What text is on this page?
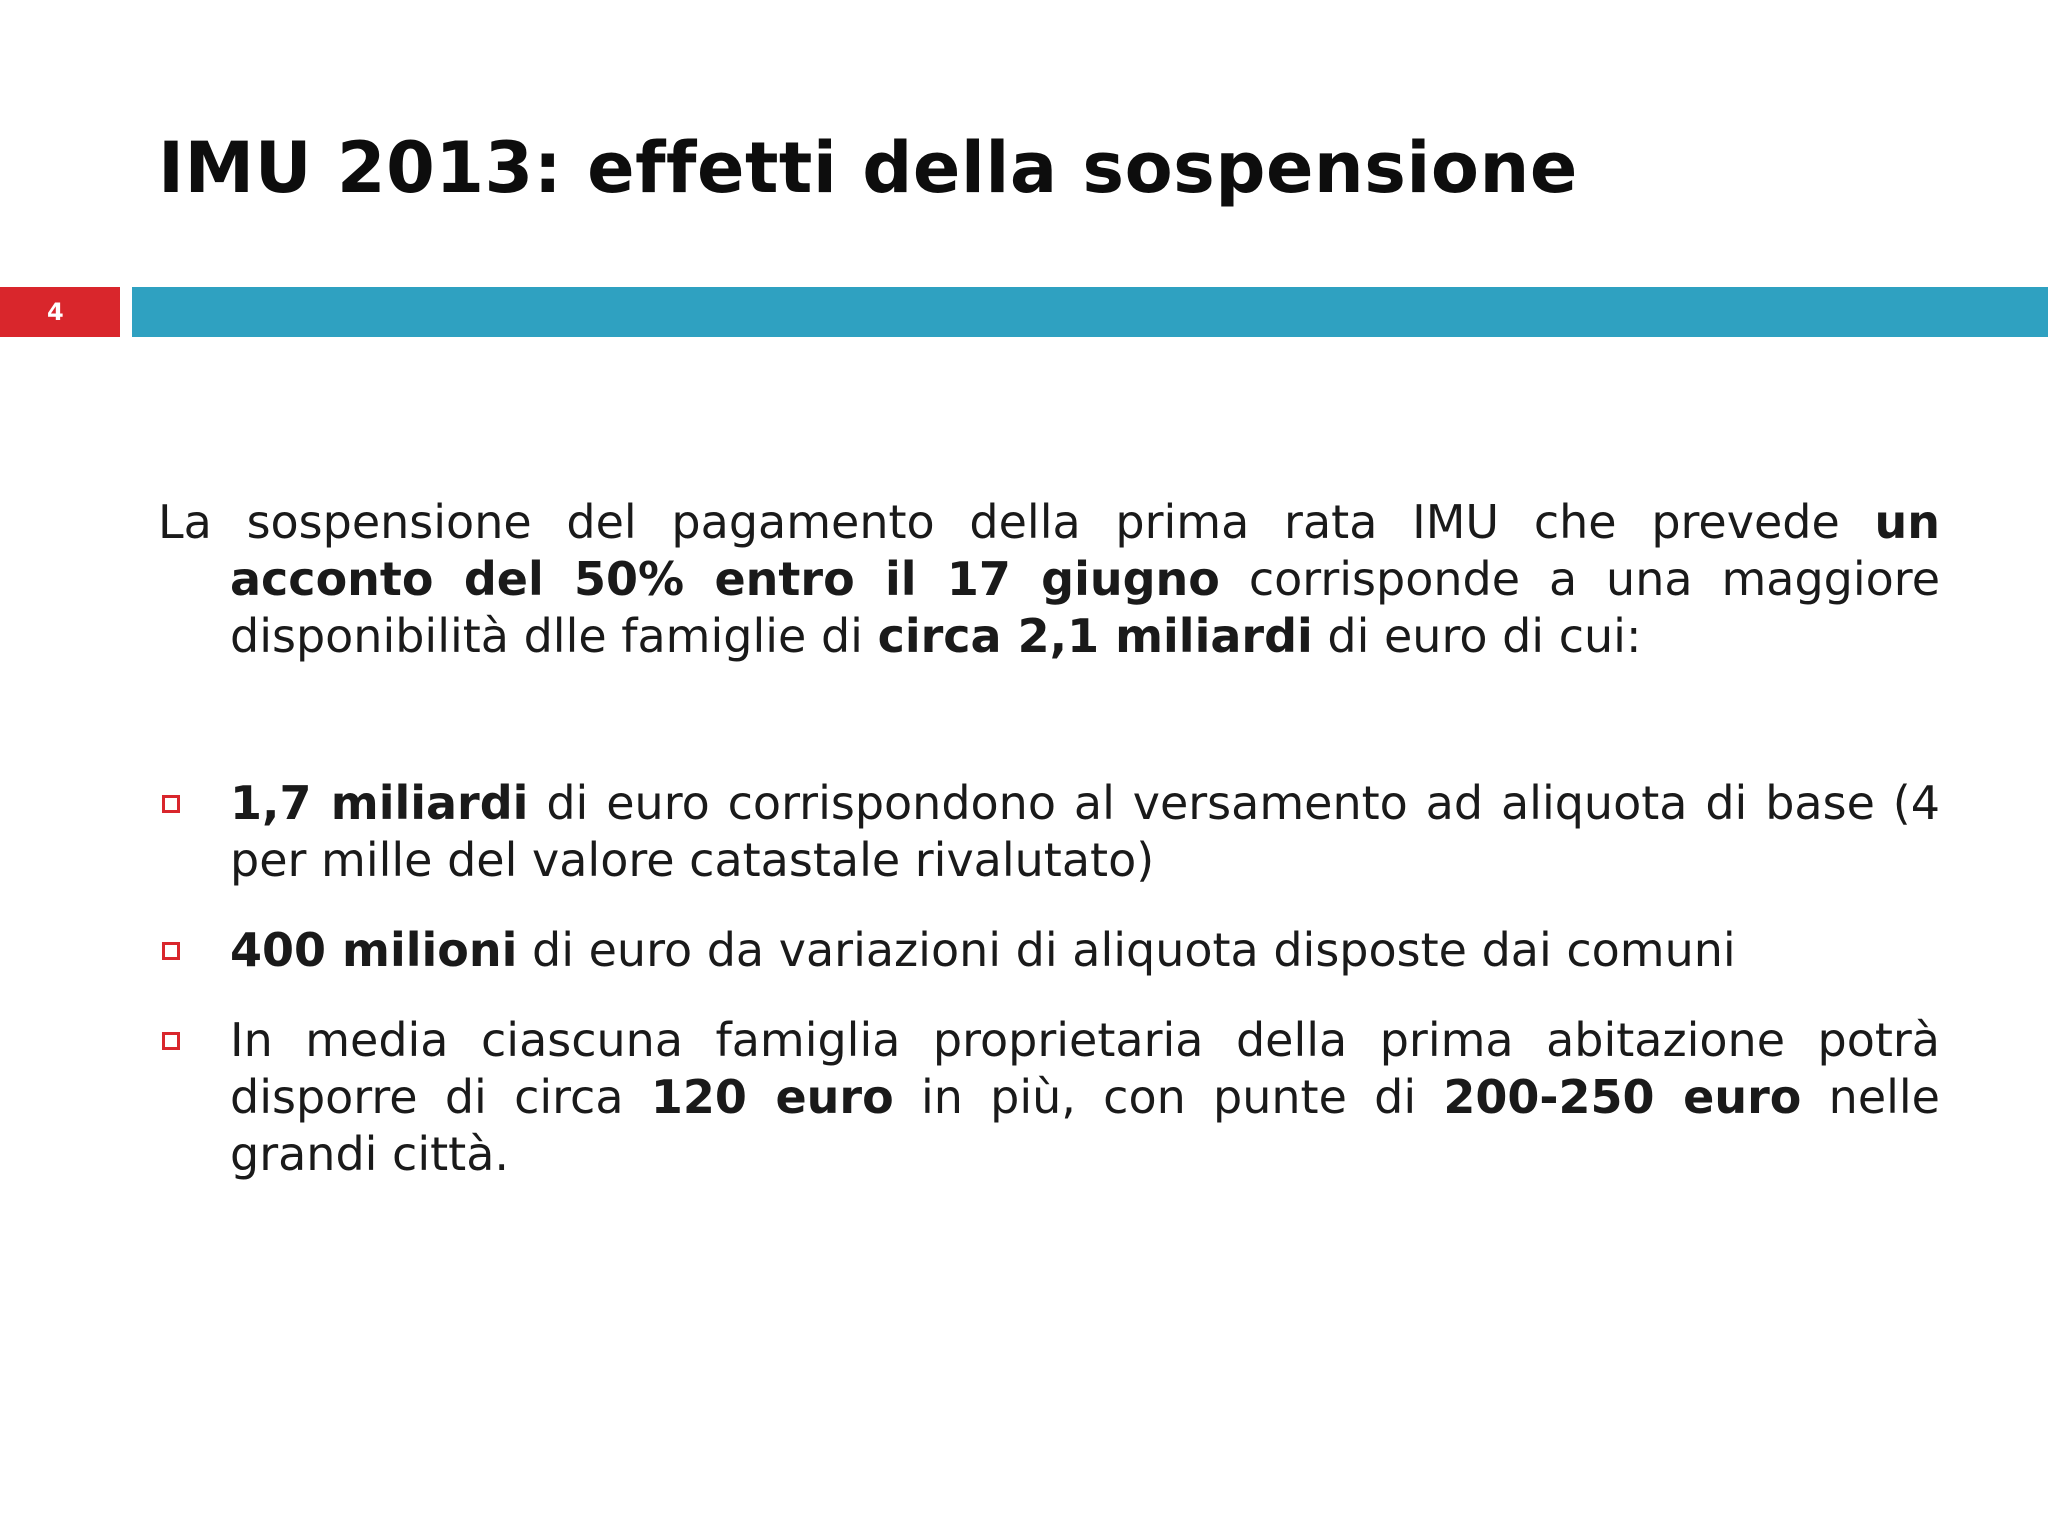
IMU 2013: effetti della sospensione
4

La sospensione del pagamento della prima rata IMU che prevede un acconto del 50% entro il 17 giugno corrisponde a una maggiore disponibilità dlle famiglie di circa 2,1 miliardi di euro di cui:

1,7 miliardi di euro corrispondono al versamento ad aliquota di base (4 per mille del valore catastale rivalutato)
400 milioni di euro da variazioni di aliquota disposte dai comuni
In media ciascuna famiglia proprietaria della prima abitazione potrà disporre di circa 120 euro in più, con punte di 200-250 euro nelle grandi città.
